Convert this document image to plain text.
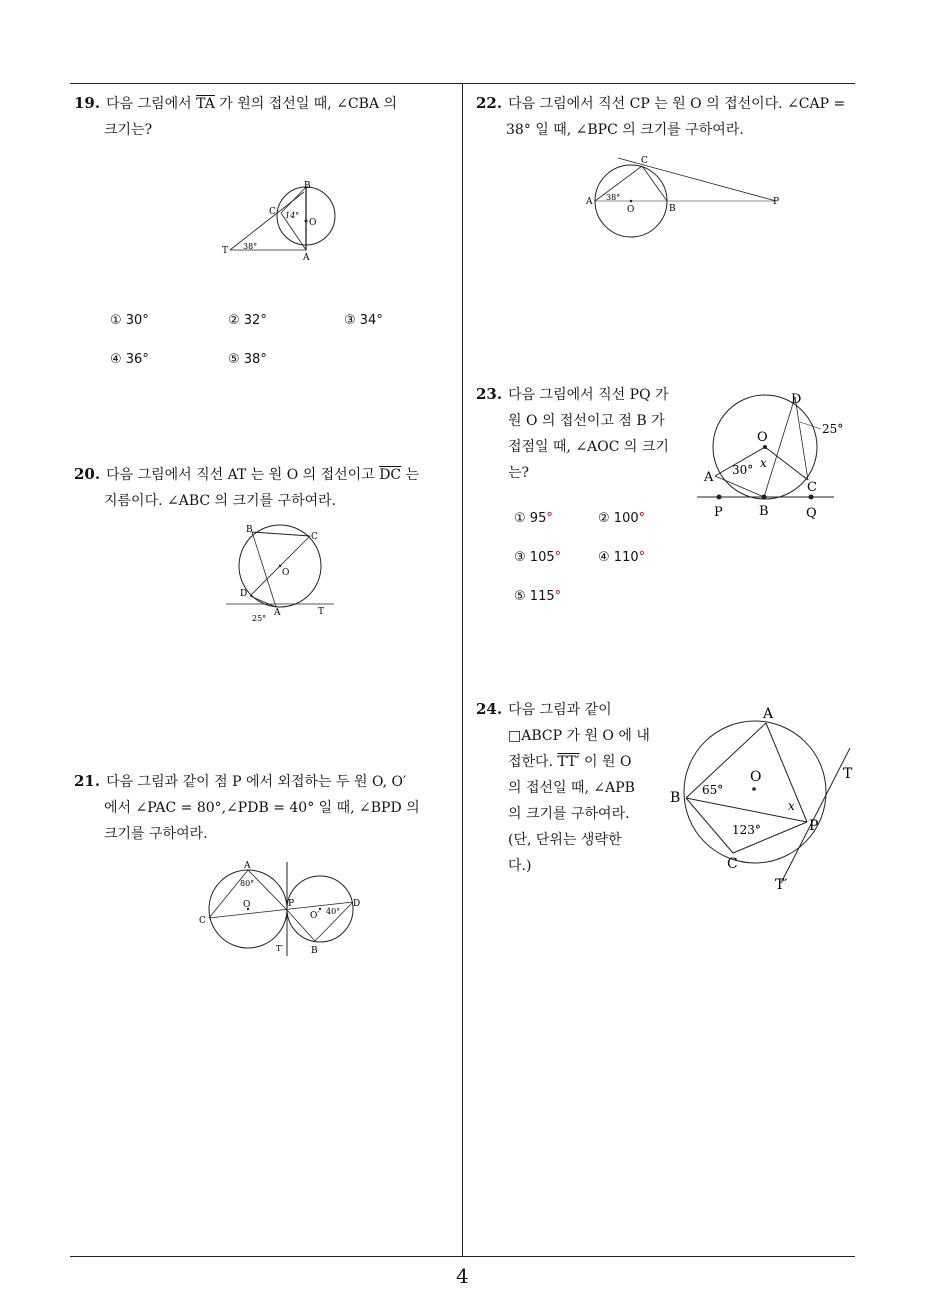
19. 다음 그림에서 $\overline{TA}$ 가 원의 접선일 때, ∠CBA 의
크기는?
B
C 14°
O
T 38°
A
① 30°	② 32°	③ 34°
④ 36°	⑤ 38°
20. 다음 그림에서 직선 AT 는 원 O 의 접선이고 $\overline{DC}$ 는
지름이다. ∠ABC 의 크기를 구하여라.
B
C
O
D
A	T
25°
21. 다음 그림과 같이 점 P 에서 외접하는 두 원 O, O′
에서 ∠PAC = 80°,∠PDB = 40° 일 때, ∠BPD 의
크기를 구하여라.
A
80°
O
C
P
O′ 40°
D
T′	B
22. 다음 그림에서 직선 CP 는 원 O 의 접선이다. ∠CAP =
38° 일 때, ∠BPC 의 크기를 구하여라.
C
A 38°
O	B
P
23. 다음 그림에서 직선 PQ 가
원 O 의 접선이고 점 B 가
접점일 때, ∠AOC 의 크기
는?
D
O
25°
A 30° x
C
P	B	Q
① 95°	② 100°
③ 105°	④ 110°
⑤ 115°
24. 다음 그림과 같이
□ABCP 가 원 O 에 내
접한다. TT′ 이 원 O
의 접선일 때, ∠APB
의 크기를 구하여라.
(단, 단위는 생략한
다.)
A
O	T
B 65°
x
123°	P
C
T′
4
